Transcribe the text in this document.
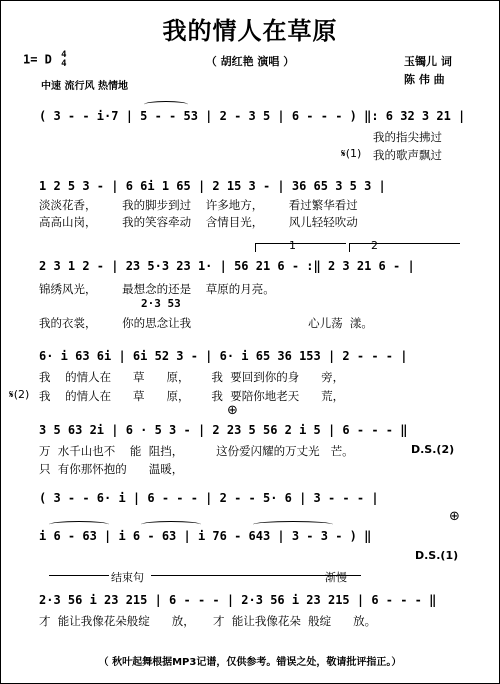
我的情人在草原
（ 胡红艳 演唱 ）
1= D 4
4
中速 流行风 热情地
玉镯儿 词
陈 伟 曲
( 3 - - i·7 | 5 - - 53 | 2 - 3 5 | 6 - - - ) ‖: 6 32 3 21 |
我的指尖拂过
𝄋(1) 我的歌声飘过
1 2 5 3 - | 6 6i 1 65 | 2 15 3 - | 36 65 3 5 3 |
淡淡花香，       我的脚步到过    许多地方，       看过繁华看过
高高山岗，       我的笑容牵动    含情目光，       风儿轻轻吹动
1	2
2 3 1 2 - | 23 5·3 23 1· | 56 21 6 - :‖ 2 3 21 6 - |
锦绣风光，       最想念的还是    草原的月亮。
2·3 53
我的衣裳，       你的思念让我                                心儿荡  漾。
6· i 63 6i | 6i 52 3 - | 6· i 65 36 153 | 2 - - - |
我    的情人在      草      原，      我  要回到你的身      旁，
𝄋(2) 我    的情人在      草      原，      我  要陪你地老天      荒，
⊕
3 5 63 2i | 6 · 5 3 - | 2 23 5 56 2 i 5 | 6 - - - ‖
万  水千山也不    能  阻挡，         这份爱闪耀的万丈光   芒。	D.S.(2)
只  有你那怀抱的      温暖，
( 3 - - 6· i | 6 - - - | 2 - - 5· 6 | 3 - - - |
⊕
i 6 - 63 | i 6 - 63 | i 76 - 643 | 3 - 3 - ) ‖
D.S.(1)
结束句	渐慢
2·3 56 i 23 215 | 6 - - - | 2·3 56 i 23 215 | 6 - - - ‖
才  能让我像花朵般绽      放，     才  能让我像花朵  般绽      放。
（ 秋叶起舞根据MP3记谱，仅供参考。错误之处，敬请批评指正。）
